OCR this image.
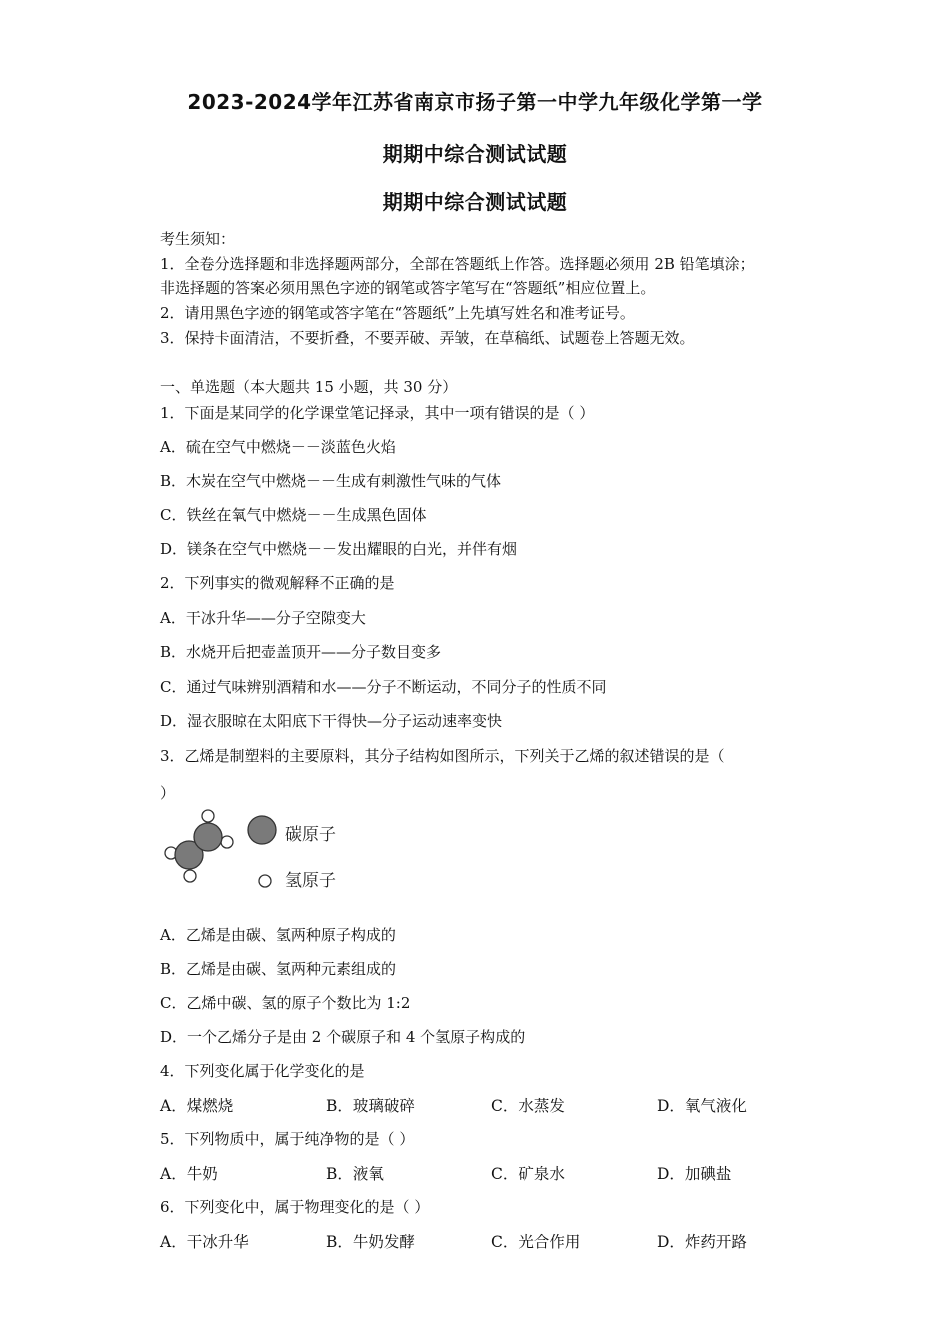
2023-2024学年江苏省南京市扬子第一中学九年级化学第一学
期期中综合测试试题
期期中综合测试试题
考生须知：
1．全卷分选择题和非选择题两部分，全部在答题纸上作答。选择题必须用 2B 铅笔填涂；
非选择题的答案必须用黑色字迹的钢笔或答字笔写在“答题纸”相应位置上。
2．请用黑色字迹的钢笔或答字笔在“答题纸”上先填写姓名和准考证号。
3．保持卡面清洁，不要折叠，不要弄破、弄皱，在草稿纸、试题卷上答题无效。
一、单选题（本大题共 15 小题，共 30 分）
1．下面是某同学的化学课堂笔记择录，其中一项有错误的是（ ）
A．硫在空气中燃烧－－淡蓝色火焰
B．木炭在空气中燃烧－－生成有刺激性气味的气体
C．铁丝在氧气中燃烧－－生成黑色固体
D．镁条在空气中燃烧－－发出耀眼的白光，并伴有烟
2．下列事实的微观解释不正确的是
A．干冰升华——分子空隙变大
B．水烧开后把壶盖顶开——分子数目变多
C．通过气味辨别酒精和水——分子不断运动，不同分子的性质不同
D．湿衣服晾在太阳底下干得快—分子运动速率变快
3．乙烯是制塑料的主要原料，其分子结构如图所示，下列关于乙烯的叙述错误的是（
）
碳原子
氢原子
A．乙烯是由碳、氢两种原子构成的
B．乙烯是由碳、氢两种元素组成的
C．乙烯中碳、氢的原子个数比为 1:2
D．一个乙烯分子是由 2 个碳原子和 4 个氢原子构成的
4．下列变化属于化学变化的是
A．煤燃烧	B．玻璃破碎	C．水蒸发	D．氧气液化
5．下列物质中，属于纯净物的是（ ）
A．牛奶	B．液氧	C．矿泉水	D．加碘盐
6．下列变化中，属于物理变化的是（ ）
A．干冰升华	B．牛奶发酵	C．光合作用	D．炸药开路
